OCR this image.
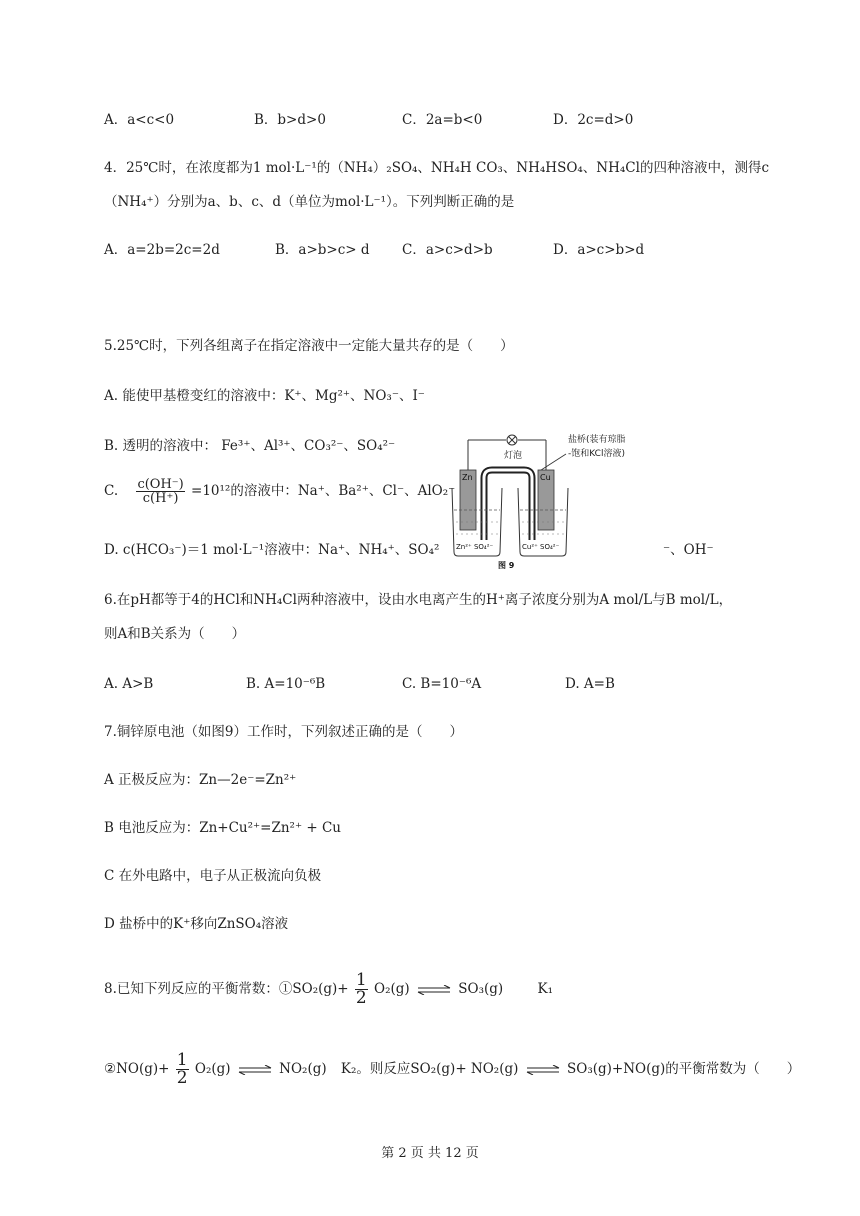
A．a<c<0	B．b>d>0	C．2a=b<0	D．2c=d>0
4．25℃时，在浓度都为1 mol·L⁻¹的（NH₄）₂SO₄、NH₄H CO₃、NH₄HSO₄、NH₄Cl的四种溶液中，测得c
（NH₄⁺）分别为a、b、c、d（单位为mol·L⁻¹）。下列判断正确的是
A．a=2b=2c=2d	B．a>b>c> d C．a>c>d>b	D．a>c>b>d
5.25℃时，下列各组离子在指定溶液中一定能大量共存的是（　　）
A. 能使甲基橙变红的溶液中：K⁺、Mg²⁺、NO₃⁻、I⁻
B. 透明的溶液中： Fe³⁺、Al³⁺、CO₃²⁻、SO₄²⁻
C. $\frac{c(OH^-)}{c(H^+)} =10^{12}$的溶液中：Na⁺、Ba²⁺、Cl⁻、AlO₂⁻
D. c(HCO₃⁻)＝1 mol·L⁻¹溶液中：Na⁺、NH₄⁺、SO₄²	⁻、OH⁻
灯泡
盐桥(装有琼脂
-饱和KCl溶液)
Zn	Cu
Zn²⁺ SO₄²⁻	Cu²⁺ SO₄²⁻
图 9
6.在pH都等于4的HCl和NH₄Cl两种溶液中，设由水电离产生的H⁺离子浓度分别为A mol/L与B mol/L，
则A和B关系为（　　）
A. A>B	B. A=10⁻⁶B	C. B=10⁻⁶A	D. A=B
7.铜锌原电池（如图9）工作时，下列叙述正确的是（　　）
A 正极反应为：Zn—2e⁻=Zn²⁺
B 电池反应为：Zn+Cu²⁺=Zn²⁺ + Cu
C 在外电路中，电子从正极流向负极
D 盐桥中的K⁺移向ZnSO₄溶液
8.已知下列反应的平衡常数：①SO₂(g)+ $\frac{1}{2} O_2(g)$ ⇌ SO₃(g)	K₁
②NO(g)+ $\frac{1}{2} O_2(g)$ ⇌ NO₂(g) K₂。则反应SO₂(g)+ NO₂(g) ⇌ SO₃(g)+NO(g)的平衡常数为（　　）
第 2 页 共 12 页
